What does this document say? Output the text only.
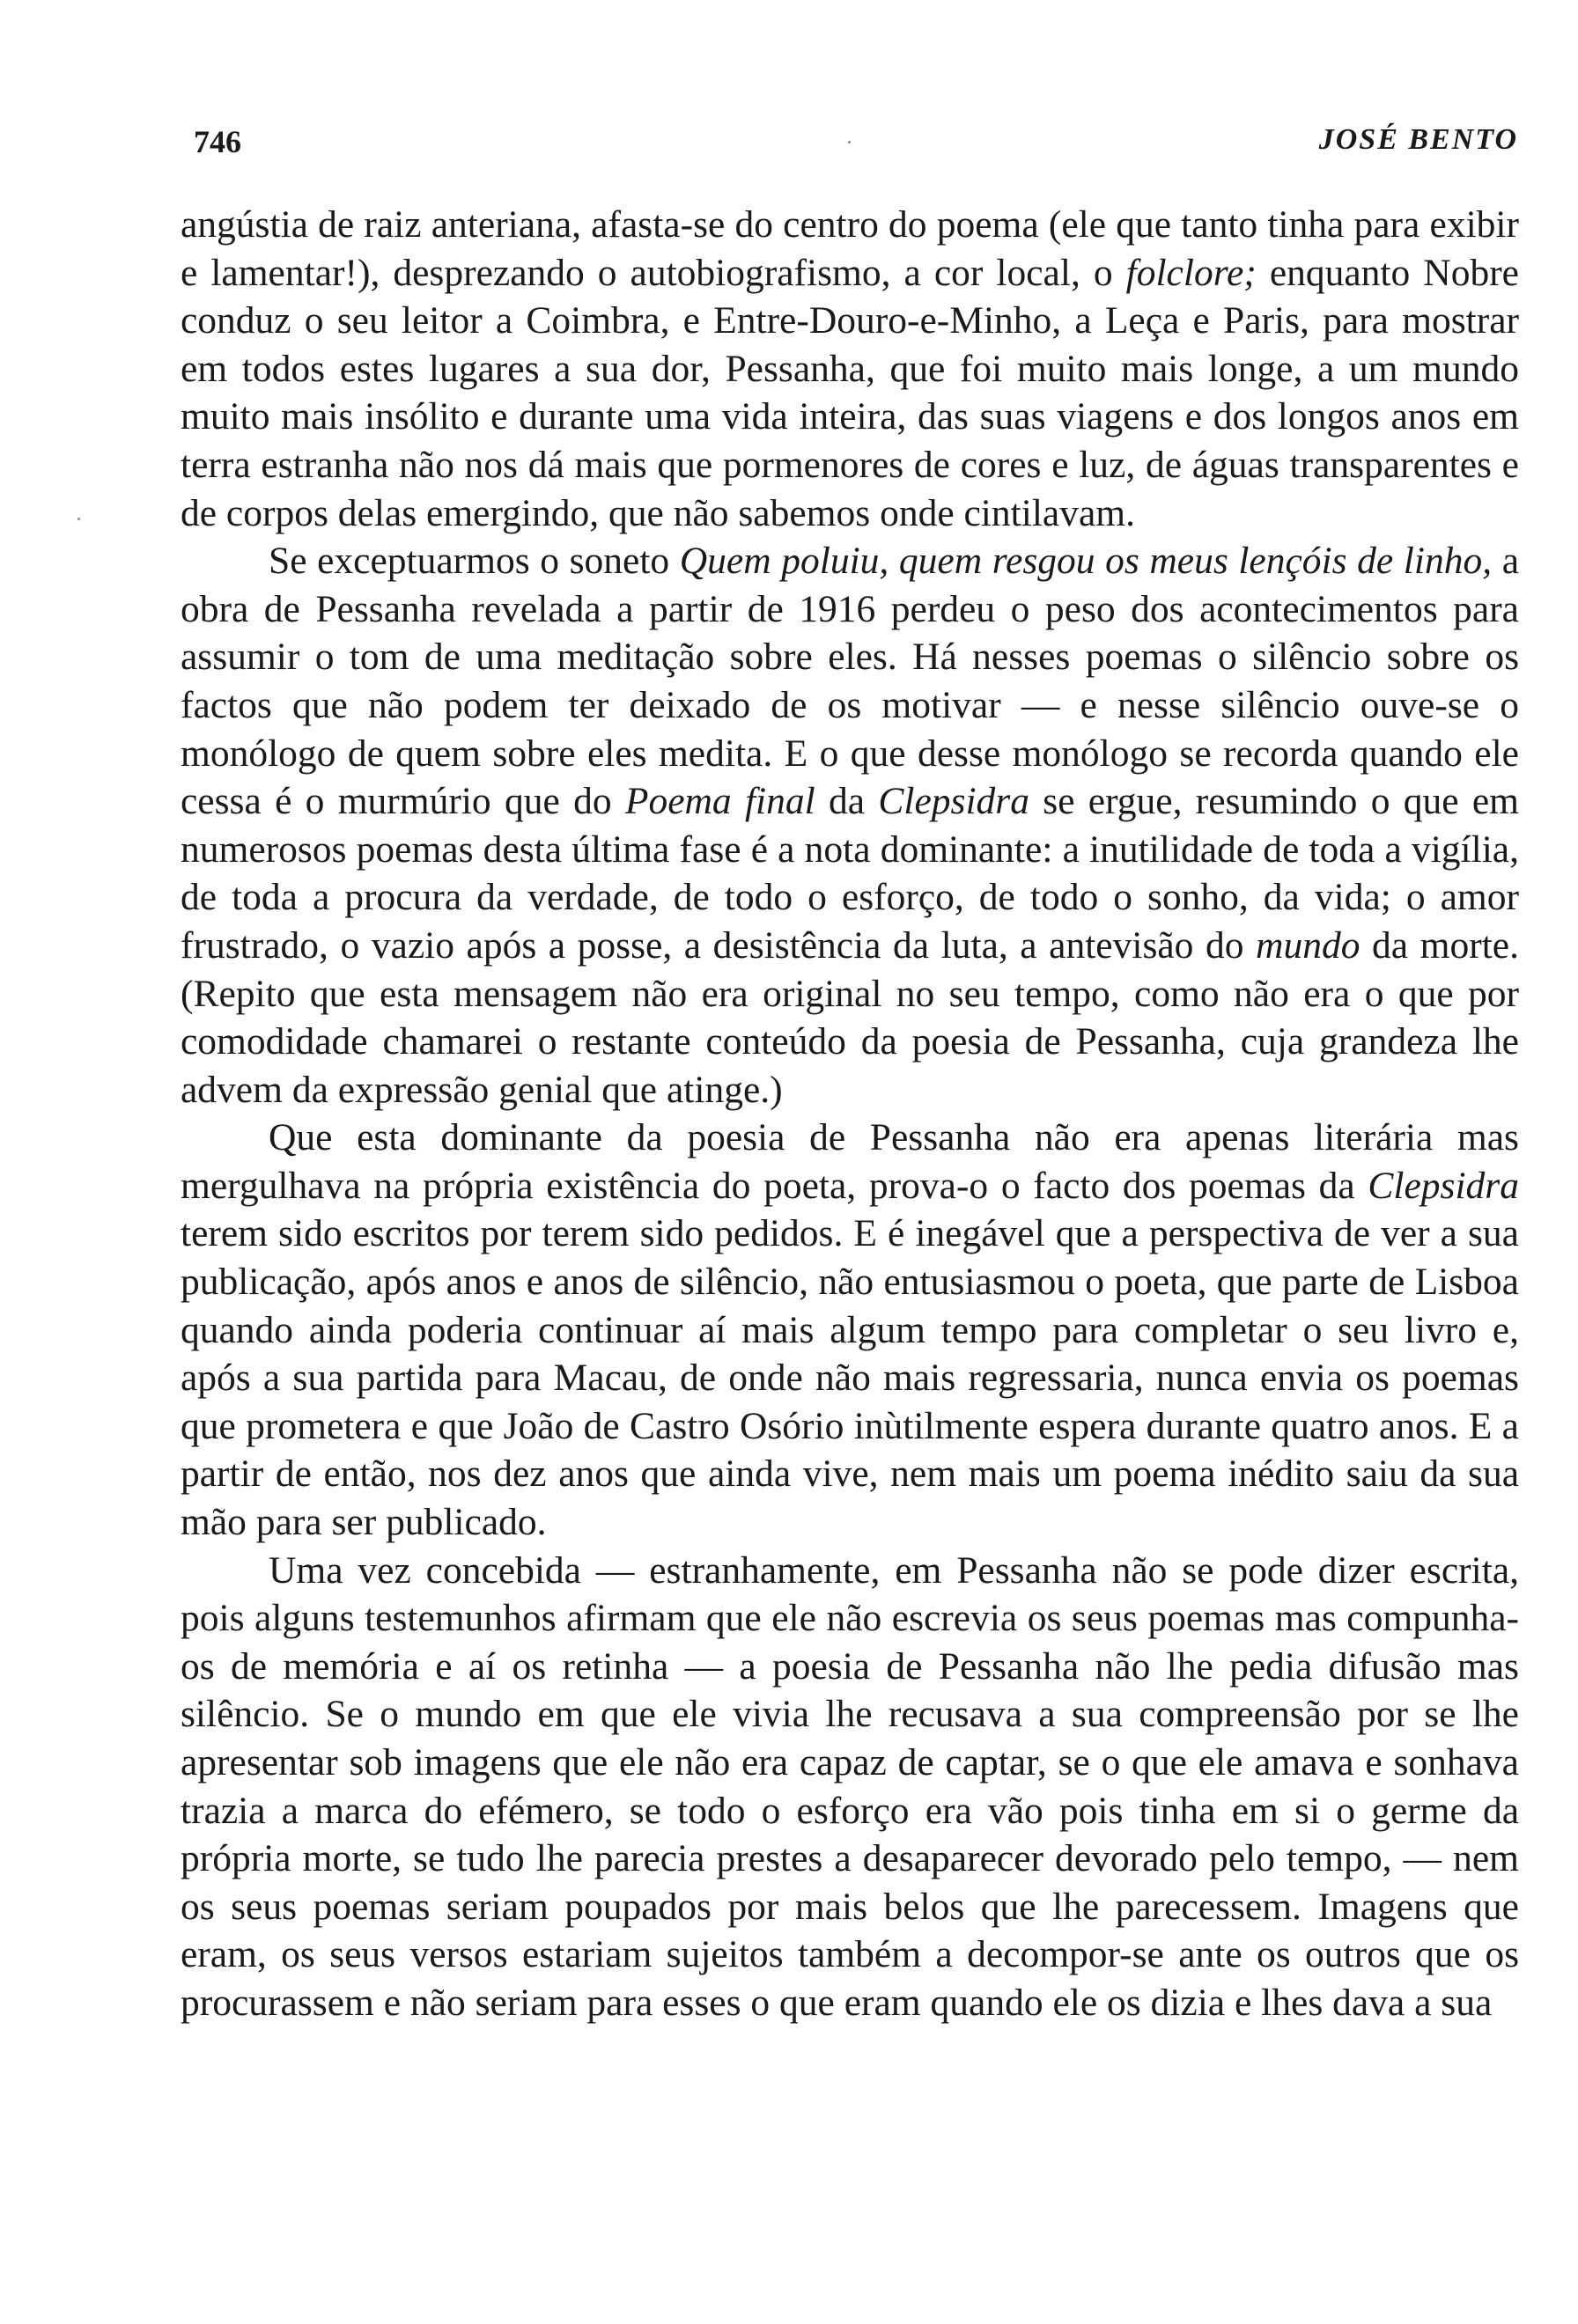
746	JOSÉ BENTO

angústia de raiz anteriana, afasta-se do centro do poema (ele que tanto tinha para exibir e lamentar!), desprezando o autobiografismo, a cor local, o folclore; enquanto Nobre conduz o seu leitor a Coimbra, e Entre-Douro-e-Minho, a Leça e Paris, para mostrar em todos estes lugares a sua dor, Pessanha, que foi muito mais longe, a um mundo muito mais insólito e durante uma vida inteira, das suas viagens e dos longos anos em terra estranha não nos dá mais que pormenores de cores e luz, de águas transparentes e de corpos delas emergindo, que não sabemos onde cintilavam.

Se exceptuarmos o soneto Quem poluiu, quem resgou os meus lençóis de linho, a obra de Pessanha revelada a partir de 1916 perdeu o peso dos acontecimentos para assumir o tom de uma meditação sobre eles. Há nesses poemas o silêncio sobre os factos que não podem ter deixado de os motivar — e nesse silêncio ouve-se o monólogo de quem sobre eles medita. E o que desse monólogo se recorda quando ele cessa é o murmúrio que do Poema final da Clepsidra se ergue, resumindo o que em numerosos poemas desta última fase é a nota dominante: a inutilidade de toda a vigília, de toda a procura da verdade, de todo o esforço, de todo o sonho, da vida; o amor frustrado, o vazio após a posse, a desistência da luta, a antevisão do mundo da morte. (Repito que esta mensagem não era original no seu tempo, como não era o que por comodidade chamarei o restante conteúdo da poesia de Pessanha, cuja grandeza lhe advem da expressão genial que atinge.)

Que esta dominante da poesia de Pessanha não era apenas literária mas mergulhava na própria existência do poeta, prova-o o facto dos poemas da Clepsidra terem sido escritos por terem sido pedidos. E é inegável que a perspectiva de ver a sua publicação, após anos e anos de silêncio, não entusiasmou o poeta, que parte de Lisboa quando ainda poderia continuar aí mais algum tempo para completar o seu livro e, após a sua partida para Macau, de onde não mais regressaria, nunca envia os poemas que prometera e que João de Castro Osório inùtilmente espera durante quatro anos. E a partir de então, nos dez anos que ainda vive, nem mais um poema inédito saiu da sua mão para ser publicado.

Uma vez concebida — estranhamente, em Pessanha não se pode dizer escrita, pois alguns testemunhos afirmam que ele não escrevia os seus poemas mas compunha-os de memória e aí os retinha — a poesia de Pessanha não lhe pedia difusão mas silêncio. Se o mundo em que ele vivia lhe recusava a sua compreensão por se lhe apresentar sob imagens que ele não era capaz de captar, se o que ele amava e sonhava trazia a marca do efémero, se todo o esforço era vão pois tinha em si o germe da própria morte, se tudo lhe parecia prestes a desaparecer devorado pelo tempo, — nem os seus poemas seriam poupados por mais belos que lhe parecessem. Imagens que eram, os seus versos estariam sujeitos também a decompor-se ante os outros que os procurassem e não seriam para esses o que eram quando ele os dizia e lhes dava a sua
